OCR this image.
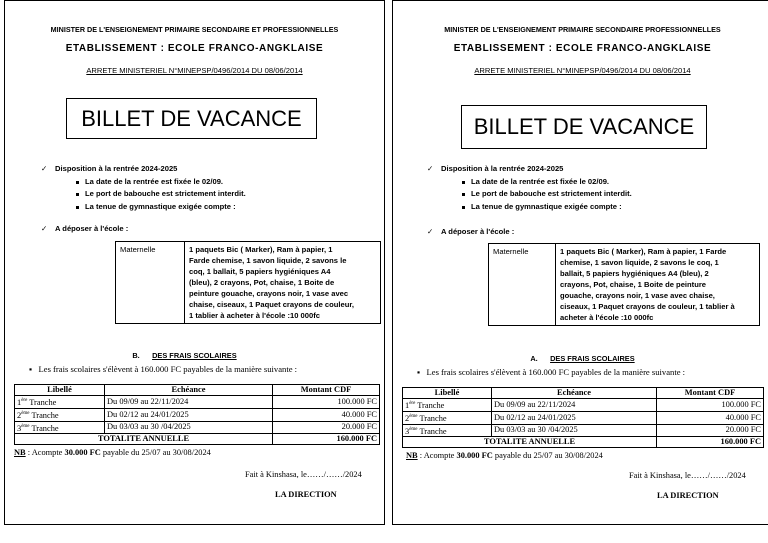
MINISTER DE L'ENSEIGNEMENT PRIMAIRE SECONDAIRE ET PROFESSIONNELLES
ETABLISSEMENT : ECOLE FRANCO-ANGKLAISE
ARRETE MINISTERIEL N°MINEPSP/0496/2014 DU 08/06/2014
BILLET DE VACANCE
✓ Disposition à la rentrée 2024-2025
La date de la rentrée est fixée le 02/09.
Le port de babouche est strictement interdit.
La tenue de gymnastique exigée compte :
✓ A déposer à l'école :
Maternelle	1 paquets Bic ( Marker), Ram à papier, 1
Farde chemise, 1 savon liquide, 2 savons le
coq, 1 ballait, 5 papiers hygiéniques A4
(bleu), 2 crayons, Pot, chaise, 1 Boite de
peinture gouache, crayons noir, 1 vase avec
chaise, ciseaux, 1 Paquet crayons de couleur,
1 tablier à acheter à l'école :10 000fc
B. DES FRAIS SCOLAIRES
▪   Les frais scolaires s'élèvent à 160.000 FC payables de la manière suivante :
Libellé	Echéance	Montant CDF
1ère Tranche	Du 09/09 au 22/11/2024	100.000 FC
2ème Tranche	Du 02/12 au 24/01/2025	40.000 FC
3ème Tranche	Du 03/03 au 30 /04/2025	20.000 FC
TOTALITE ANNUELLE		160.000 FC
NB : Acompte 30.000 FC payable du 25/07 au 30/08/2024
Fait à Kinshasa, le……/……/2024
LA DIRECTION
MINISTER DE L'ENSEIGNEMENT PRIMAIRE SECONDAIRE PROFESSIONNELLES
ETABLISSEMENT : ECOLE FRANCO-ANGKLAISE
ARRETE MINISTERIEL N°MINEPSP/0496/2014 DU 08/06/2014
BILLET DE VACANCE
✓ Disposition à la rentrée 2024-2025
La date de la rentrée est fixée le 02/09.
Le port de babouche est strictement interdit.
La tenue de gymnastique exigée compte :
✓ A déposer à l'école :
Maternelle	1 paquets Bic ( Marker), Ram à papier, 1 Farde
chemise, 1 savon liquide, 2 savons le coq, 1
ballait, 5 papiers hygiéniques A4 (bleu), 2
crayons, Pot, chaise, 1 Boite de peinture
gouache, crayons noir, 1 vase avec chaise,
ciseaux, 1 Paquet crayons de couleur, 1 tablier à
acheter à l'école :10 000fc
A. DES FRAIS SCOLAIRES
▪   Les frais scolaires s'élèvent à 160.000 FC payables de la manière suivante :
Libellé	Echéance	Montant CDF
1ère Tranche	Du 09/09 au 22/11/2024	100.000 FC
2ème Tranche	Du 02/12 au 24/01/2025	40.000 FC
3ème Tranche	Du 03/03 au 30 /04/2025	20.000 FC
TOTALITE ANNUELLE		160.000 FC
NB : Acompte 30.000 FC payable du 25/07 au 30/08/2024
Fait à Kinshasa, le……/……/2024
LA DIRECTION
